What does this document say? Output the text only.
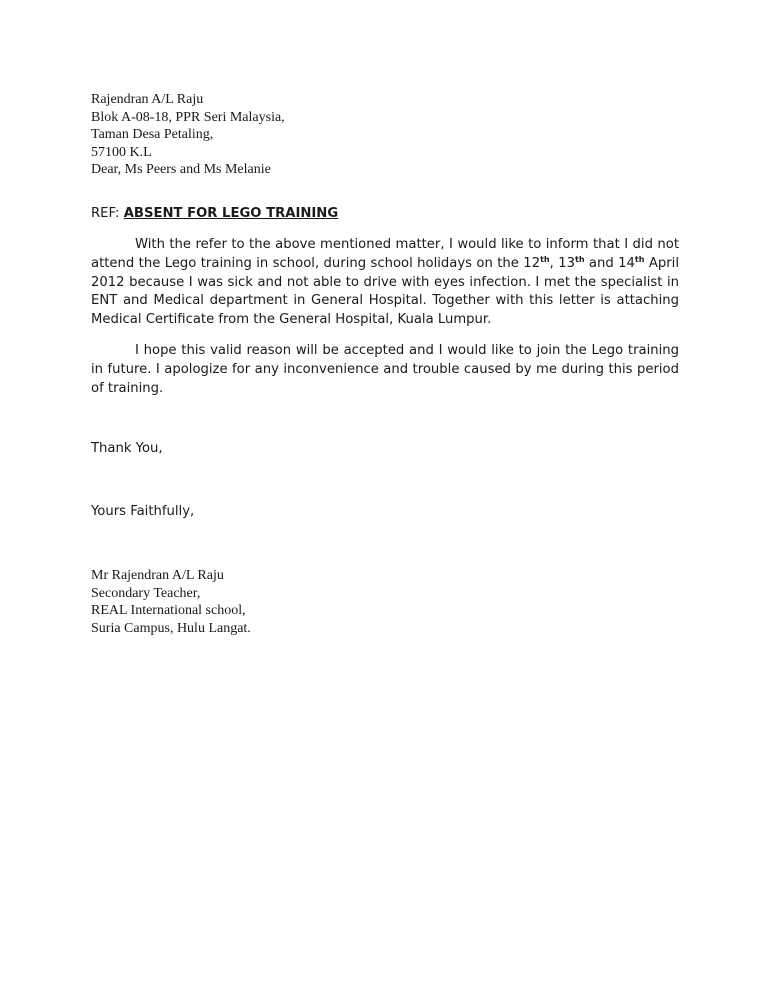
Rajendran A/L Raju
Blok A-08-18, PPR Seri Malaysia,
Taman Desa Petaling,
57100 K.L
Dear, Ms Peers and Ms Melanie
REF: ABSENT FOR LEGO TRAINING

With the refer to the above mentioned matter, I would like to inform that I did not attend the Lego training in school, during school holidays on the 12th, 13th and 14th April 2012 because I was sick and not able to drive with eyes infection. I met the specialist in ENT and Medical department in General Hospital. Together with this letter is attaching Medical Certificate from the General Hospital, Kuala Lumpur.

I hope this valid reason will be accepted and I would like to join the Lego training in future. I apologize for any inconvenience and trouble caused by me during this period of training.

Thank You,
Yours Faithfully,
Mr Rajendran A/L Raju
Secondary Teacher,
REAL International school,
Suria Campus, Hulu Langat.
